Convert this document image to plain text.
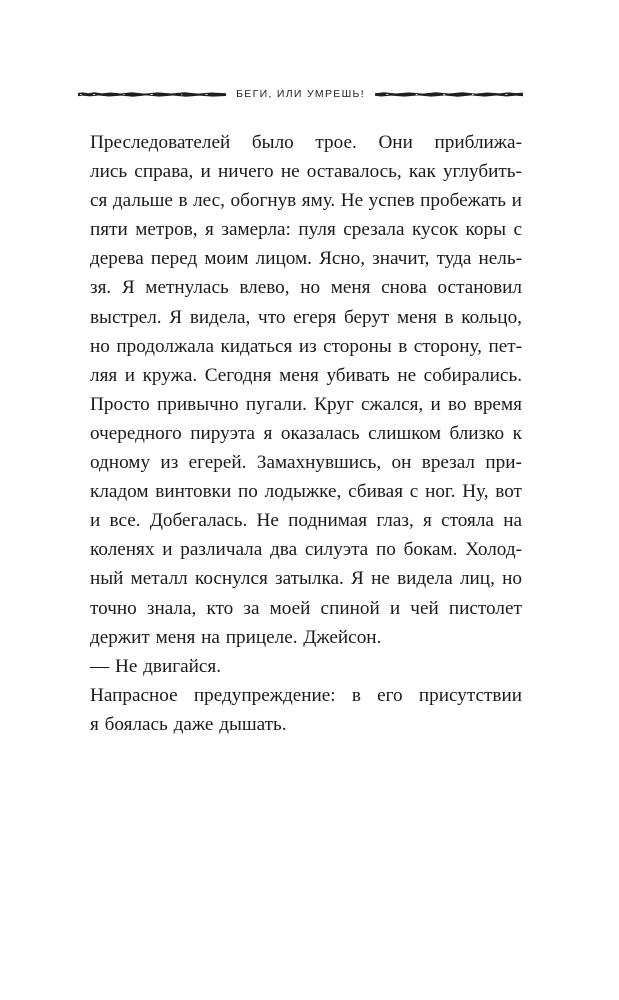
БЕГИ, ИЛИ УМРЕШЬ!
Преследователей было трое. Они приближа-
лись справа, и ничего не оставалось, как углубить-
ся дальше в лес, обогнув яму. Не успев пробежать и
пяти метров, я замерла: пуля срезала кусок коры с
дерева перед моим лицом. Ясно, значит, туда нель-
зя. Я метнулась влево, но меня снова остановил
выстрел. Я видела, что егеря берут меня в кольцо,
но продолжала кидаться из стороны в сторону, пет-
ляя и кружа. Сегодня меня убивать не собирались.
Просто привычно пугали. Круг сжался, и во время
очередного пируэта я оказалась слишком близко к
одному из егерей. Замахнувшись, он врезал при-
кладом винтовки по лодыжке, сбивая с ног. Ну, вот
и все. Добегалась. Не поднимая глаз, я стояла на
коленях и различала два силуэта по бокам. Холод-
ный металл коснулся затылка. Я не видела лиц, но
точно знала, кто за моей спиной и чей пистолет
держит меня на прицеле. Джейсон.
— Не двигайся.
Напрасное предупреждение: в его присутствии
я боялась даже дышать.
